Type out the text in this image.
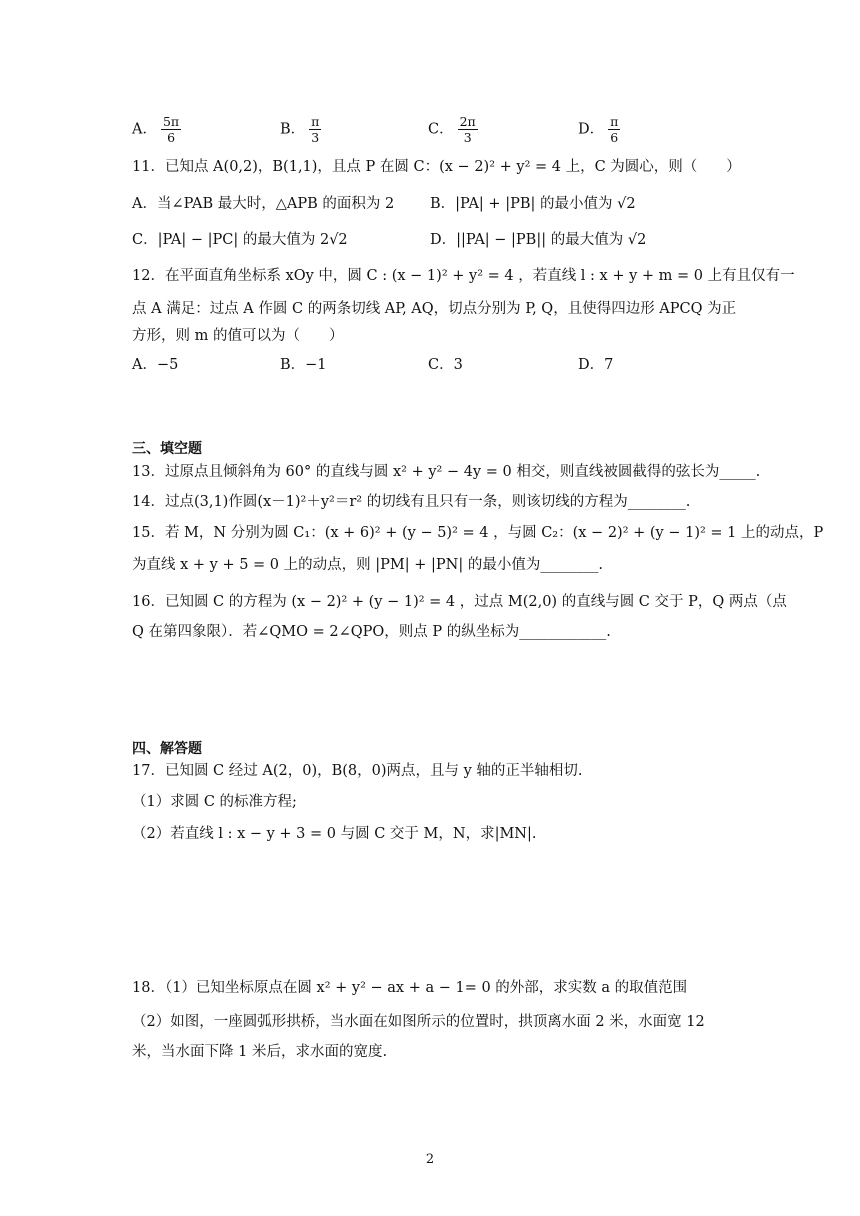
A． $\frac{5\pi}{6}$	B． $\frac{\pi}{3}$	C． $\frac{2\pi}{3}$	D． $\frac{\pi}{6}$
11．已知点 A(0,2)，B(1,1)，且点 P 在圆 C：(x − 2)² + y² = 4 上，C 为圆心，则（　　）
A．当∠PAB 最大时，△APB 的面积为 2 B．|PA| + |PB| 的最小值为 √2
C．|PA| − |PC| 的最大值为 2√2	D．||PA| − |PB|| 的最大值为 √2
12．在平面直角坐标系 xOy 中，圆 C : (x − 1)² + y² = 4 ，若直线 l : x + y + m = 0 上有且仅有一
点 A 满足：过点 A 作圆 C 的两条切线 AP, AQ，切点分别为 P, Q，且使得四边形 APCQ 为正
方形，则 m 的值可以为（　　）
A．−5	B．−1	C．3	D．7
三、填空题
13．过原点且倾斜角为 60° 的直线与圆 x² + y² − 4y = 0 相交，则直线被圆截得的弦长为_____.
14．过点(3,1)作圆(x－1)²＋y²＝r² 的切线有且只有一条，则该切线的方程为________.
15．若 M，N 分别为圆 C₁：(x + 6)² + (y − 5)² = 4 ，与圆 C₂：(x − 2)² + (y − 1)² = 1 上的动点，P
为直线 x + y + 5 = 0 上的动点，则 |PM| + |PN| 的最小值为________.
16．已知圆 C 的方程为 (x − 2)² + (y − 1)² = 4 ，过点 M(2,0) 的直线与圆 C 交于 P，Q 两点（点
Q 在第四象限）．若∠QMO = 2∠QPO，则点 P 的纵坐标为____________.
四、解答题
17．已知圆 C 经过 A(2，0)，B(8，0)两点，且与 y 轴的正半轴相切.
（1）求圆 C 的标准方程;
（2）若直线 l : x − y + 3 = 0 与圆 C 交于 M，N，求|MN|.
18．（1）已知坐标原点在圆 x² + y² − ax + a − 1= 0 的外部，求实数 a 的取值范围
（2）如图，一座圆弧形拱桥，当水面在如图所示的位置时，拱顶离水面 2 米，水面宽 12
米，当水面下降 1 米后，求水面的宽度.
2
